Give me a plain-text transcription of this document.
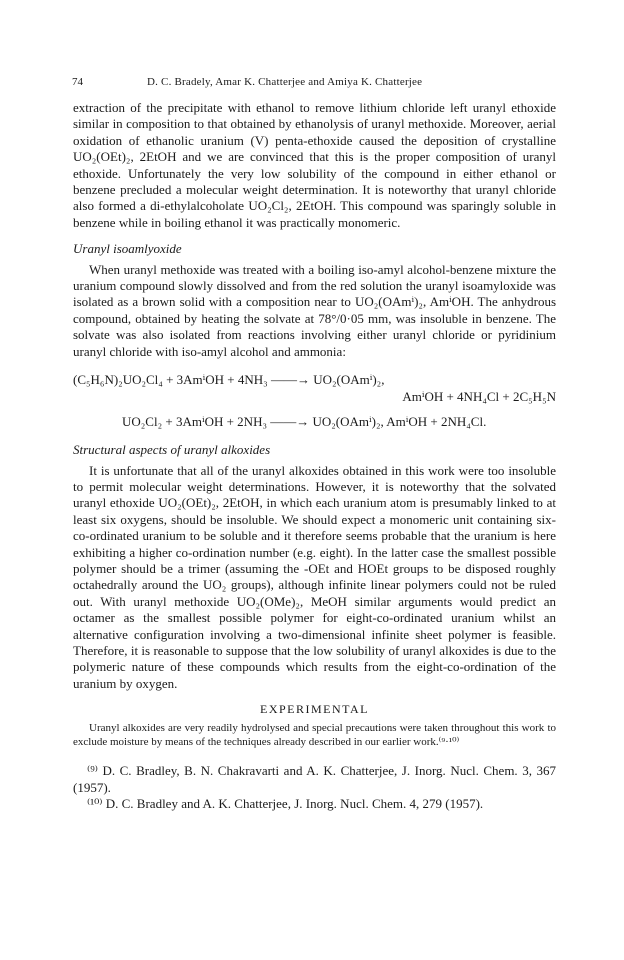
74	D. C. Bradely, Amar K. Chatterjee and Amiya K. Chatterjee

extraction of the precipitate with ethanol to remove lithium chloride left uranyl ethoxide similar in composition to that obtained by ethanolysis of uranyl methoxide. Moreover, aerial oxidation of ethanolic uranium (V) penta-ethoxide caused the deposition of crystalline UO₂(OEt)₂, 2EtOH and we are convinced that this is the proper composition of uranyl ethoxide. Unfortunately the very low solubility of the compound in either ethanol or benzene precluded a molecular weight determination. It is noteworthy that uranyl chloride also formed a di-ethylalcoholate UO₂Cl₂, 2EtOH. This compound was sparingly soluble in benzene while in boiling ethanol it was practically monomeric.

Uranyl isoamlyoxide

When uranyl methoxide was treated with a boiling iso-amyl alcohol-benzene mixture the uranium compound slowly dissolved and from the red solution the uranyl isoamyloxide was isolated as a brown solid with a composition near to UO₂(OAmⁱ)₂, AmⁱOH. The anhydrous compound, obtained by heating the solvate at 78°/0·05 mm, was insoluble in benzene. The solvate was also isolated from reactions involving either uranyl chloride or pyridinium uranyl chloride with iso-amyl alcohol and ammonia:

(C₅H₆N)₂UO₂Cl₄ + 3AmⁱOH + 4NH₃ ——→ UO₂(OAmⁱ)₂,
AmⁱOH + 4NH₄Cl + 2C₅H₅N
UO₂Cl₂ + 3AmⁱOH + 2NH₃ ——→ UO₂(OAmⁱ)₂, AmⁱOH + 2NH₄Cl.
Structural aspects of uranyl alkoxides

It is unfortunate that all of the uranyl alkoxides obtained in this work were too insoluble to permit molecular weight determinations. However, it is noteworthy that the solvated uranyl ethoxide UO₂(OEt)₂, 2EtOH, in which each uranium atom is presumably linked to at least six oxygens, should be insoluble. We should expect a monomeric unit containing six-co-ordinated uranium to be soluble and it therefore seems probable that the uranium is here exhibiting a higher co-ordination number (e.g. eight). In the latter case the smallest possible polymer should be a trimer (assuming the -OEt and HOEt groups to be disposed roughly octahedrally around the UO₂ groups), although infinite linear polymers could not be ruled out. With uranyl methoxide UO₂(OMe)₂, MeOH similar arguments would predict an octamer as the smallest possible polymer for eight-co-ordinated uranium whilst an alternative configuration involving a two-dimensional infinite sheet polymer is feasible. Therefore, it is reasonable to suppose that the low solubility of uranyl alkoxides is due to the polymeric nature of these compounds which results from the eight-co-ordination of the uranium by oxygen.

EXPERIMENTAL

Uranyl alkoxides are very readily hydrolysed and special precautions were taken throughout this work to exclude moisture by means of the techniques already described in our earlier work.⁽⁹·¹⁰⁾

⁽⁹⁾ D. C. Bradley, B. N. Chakravarti and A. K. Chatterjee, J. Inorg. Nucl. Chem. 3, 367 (1957).

⁽¹⁰⁾ D. C. Bradley and A. K. Chatterjee, J. Inorg. Nucl. Chem. 4, 279 (1957).
